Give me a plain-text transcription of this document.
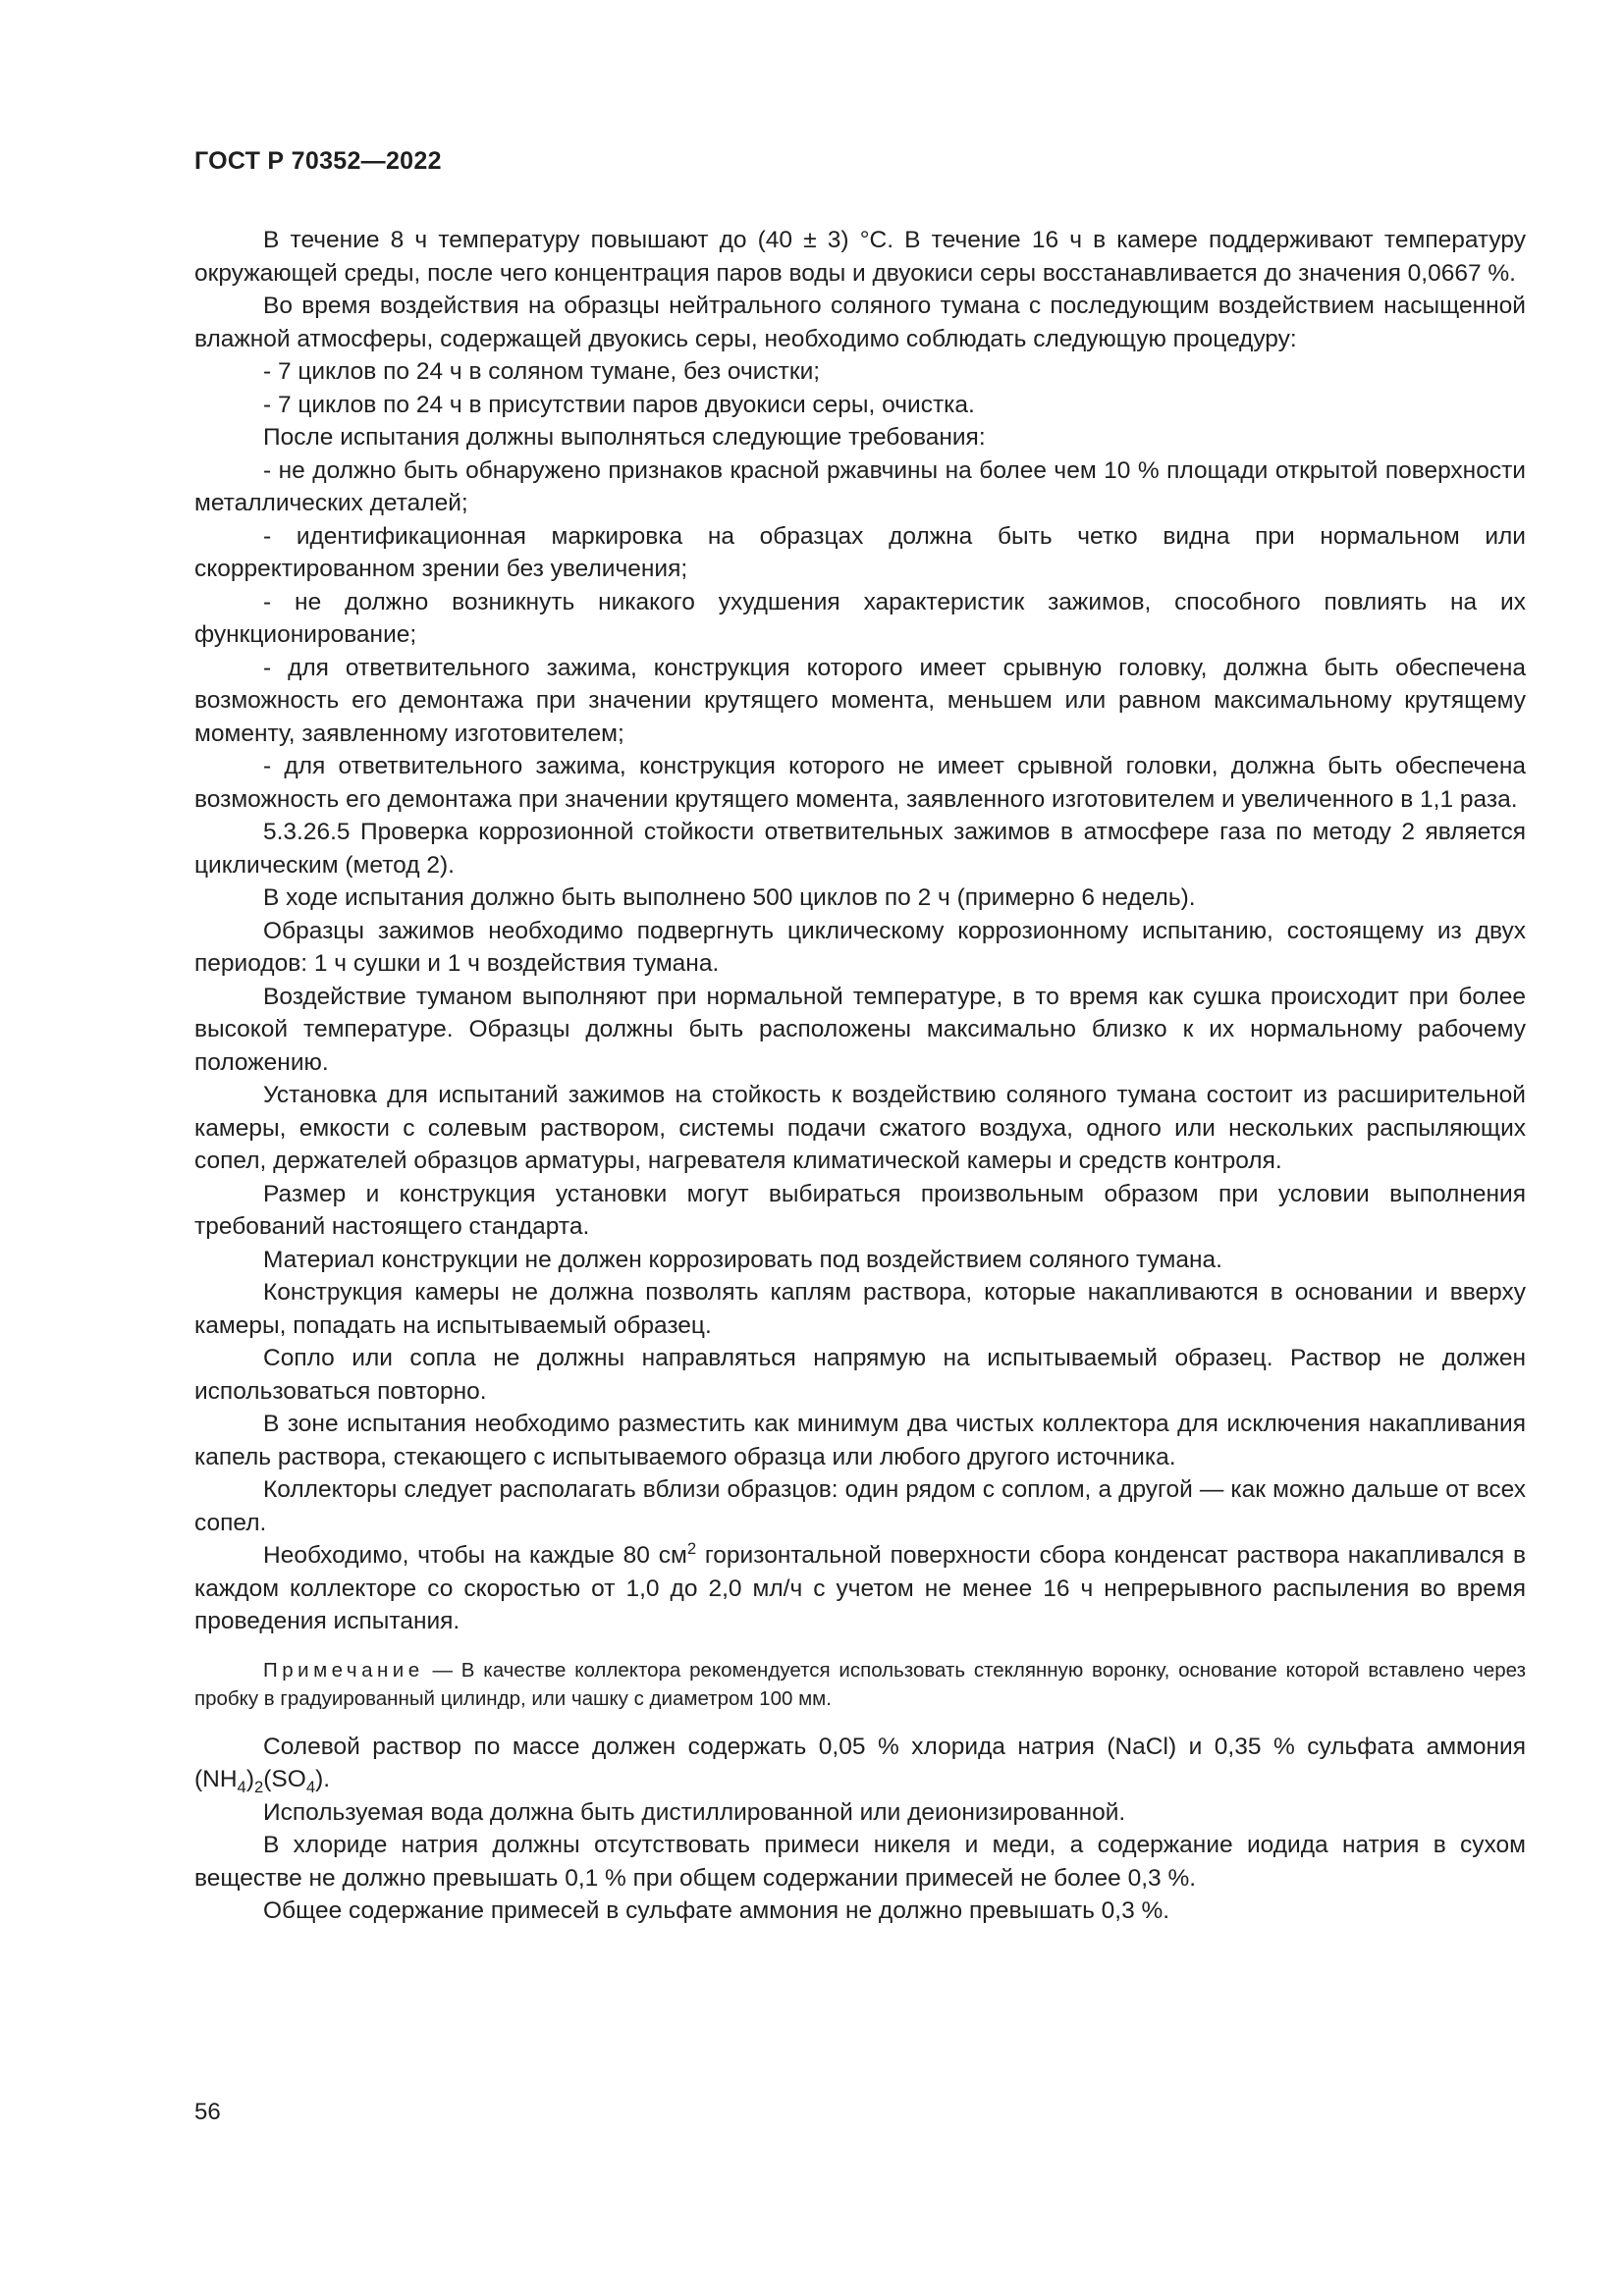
ГОСТ Р 70352—2022

В течение 8 ч температуру повышают до (40 ± 3) °С. В течение 16 ч в камере поддерживают температуру окружающей среды, после чего концентрация паров воды и двуокиси серы восстанавливается до значения 0,0667 %.

Во время воздействия на образцы нейтрального соляного тумана с последующим воздействием насыщенной влажной атмосферы, содержащей двуокись серы, необходимо соблюдать следующую процедуру:

- 7 циклов по 24 ч в соляном тумане, без очистки;

- 7 циклов по 24 ч в присутствии паров двуокиси серы, очистка.

После испытания должны выполняться следующие требования:

- не должно быть обнаружено признаков красной ржавчины на более чем 10 % площади открытой поверхности металлических деталей;

- идентификационная маркировка на образцах должна быть четко видна при нормальном или скорректированном зрении без увеличения;

- не должно возникнуть никакого ухудшения характеристик зажимов, способного повлиять на их функционирование;

- для ответвительного зажима, конструкция которого имеет срывную головку, должна быть обеспечена возможность его демонтажа при значении крутящего момента, меньшем или равном максимальному крутящему моменту, заявленному изготовителем;

- для ответвительного зажима, конструкция которого не имеет срывной головки, должна быть обеспечена возможность его демонтажа при значении крутящего момента, заявленного изготовителем и увеличенного в 1,1 раза.

5.3.26.5 Проверка коррозионной стойкости ответвительных зажимов в атмосфере газа по методу 2 является циклическим (метод 2).

В ходе испытания должно быть выполнено 500 циклов по 2 ч (примерно 6 недель).

Образцы зажимов необходимо подвергнуть циклическому коррозионному испытанию, состоящему из двух периодов: 1 ч сушки и 1 ч воздействия тумана.

Воздействие туманом выполняют при нормальной температуре, в то время как сушка происходит при более высокой температуре. Образцы должны быть расположены максимально близко к их нормальному рабочему положению.

Установка для испытаний зажимов на стойкость к воздействию соляного тумана состоит из расширительной камеры, емкости с солевым раствором, системы подачи сжатого воздуха, одного или нескольких распыляющих сопел, держателей образцов арматуры, нагревателя климатической камеры и средств контроля.

Размер и конструкция установки могут выбираться произвольным образом при условии выполнения требований настоящего стандарта.

Материал конструкции не должен коррозировать под воздействием соляного тумана.

Конструкция камеры не должна позволять каплям раствора, которые накапливаются в основании и вверху камеры, попадать на испытываемый образец.

Сопло или сопла не должны направляться напрямую на испытываемый образец. Раствор не должен использоваться повторно.

В зоне испытания необходимо разместить как минимум два чистых коллектора для исключения накапливания капель раствора, стекающего с испытываемого образца или любого другого источника.

Коллекторы следует располагать вблизи образцов: один рядом с соплом, а другой — как можно дальше от всех сопел.

Необходимо, чтобы на каждые 80 $см^2$ горизонтальной поверхности сбора конденсат раствора накапливался в каждом коллекторе со скоростью от 1,0 до 2,0 мл/ч с учетом не менее 16 ч непрерывного распыления во время проведения испытания.

Примечание — В качестве коллектора рекомендуется использовать стеклянную воронку, основание которой вставлено через пробку в градуированный цилиндр, или чашку с диаметром 100 мм.

Солевой раствор по массе должен содержать 0,05 % хлорида натрия (NaCl) и 0,35 % сульфата аммония $(NH_4)_2(SO_4)$.

Используемая вода должна быть дистиллированной или деионизированной.

В хлориде натрия должны отсутствовать примеси никеля и меди, а содержание иодида натрия в сухом веществе не должно превышать 0,1 % при общем содержании примесей не более 0,3 %.

Общее содержание примесей в сульфате аммония не должно превышать 0,3 %.

56
